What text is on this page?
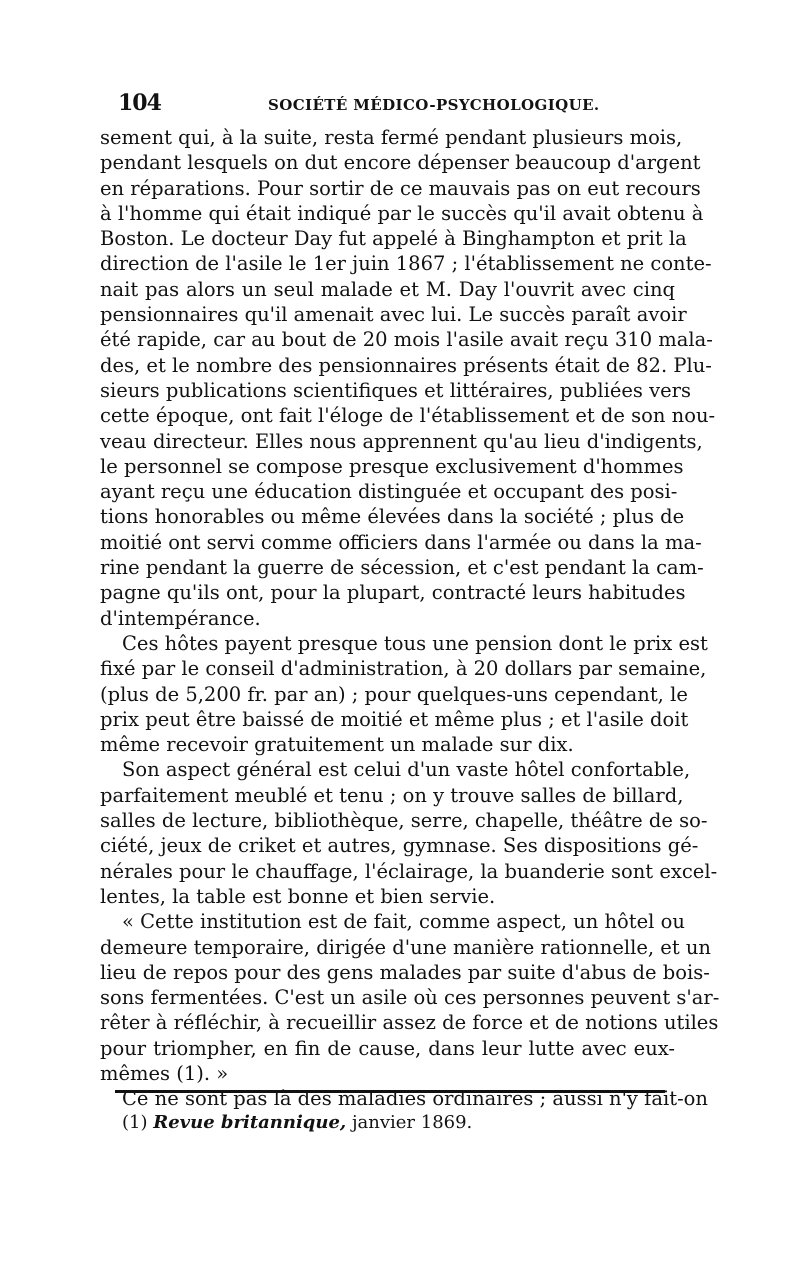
104	SOCIÉTÉ MÉDICO-PSYCHOLOGIQUE.
sement qui, à la suite, resta fermé pendant plusieurs mois,
pendant lesquels on dut encore dépenser beaucoup d'argent
en réparations. Pour sortir de ce mauvais pas on eut recours
à l'homme qui était indiqué par le succès qu'il avait obtenu à
Boston. Le docteur Day fut appelé à Binghampton et prit la
direction de l'asile le 1er juin 1867 ; l'établissement ne conte-
nait pas alors un seul malade et M. Day l'ouvrit avec cinq
pensionnaires qu'il amenait avec lui. Le succès paraît avoir
été rapide, car au bout de 20 mois l'asile avait reçu 310 mala-
des, et le nombre des pensionnaires présents était de 82. Plu-
sieurs publications scientifiques et littéraires, publiées vers
cette époque, ont fait l'éloge de l'établissement et de son nou-
veau directeur. Elles nous apprennent qu'au lieu d'indigents,
le personnel se compose presque exclusivement d'hommes
ayant reçu une éducation distinguée et occupant des posi-
tions honorables ou même élevées dans la société ; plus de
moitié ont servi comme officiers dans l'armée ou dans la ma-
rine pendant la guerre de sécession, et c'est pendant la cam-
pagne qu'ils ont, pour la plupart, contracté leurs habitudes
d'intempérance.
Ces hôtes payent presque tous une pension dont le prix est
fixé par le conseil d'administration, à 20 dollars par semaine,
(plus de 5,200 fr. par an) ; pour quelques-uns cependant, le
prix peut être baissé de moitié et même plus ; et l'asile doit
même recevoir gratuitement un malade sur dix.
Son aspect général est celui d'un vaste hôtel confortable,
parfaitement meublé et tenu ; on y trouve salles de billard,
salles de lecture, bibliothèque, serre, chapelle, théâtre de so-
ciété, jeux de criket et autres, gymnase. Ses dispositions gé-
nérales pour le chauffage, l'éclairage, la buanderie sont excel-
lentes, la table est bonne et bien servie.
« Cette institution est de fait, comme aspect, un hôtel ou
demeure temporaire, dirigée d'une manière rationnelle, et un
lieu de repos pour des gens malades par suite d'abus de bois-
sons fermentées. C'est un asile où ces personnes peuvent s'ar-
rêter à réfléchir, à recueillir assez de force et de notions utiles
pour triompher, en fin de cause, dans leur lutte avec eux-
mêmes (1). »
Ce ne sont pas là des maladies ordinaires ; aussi n'y fait-on
(1) Revue britannique, janvier 1869.
